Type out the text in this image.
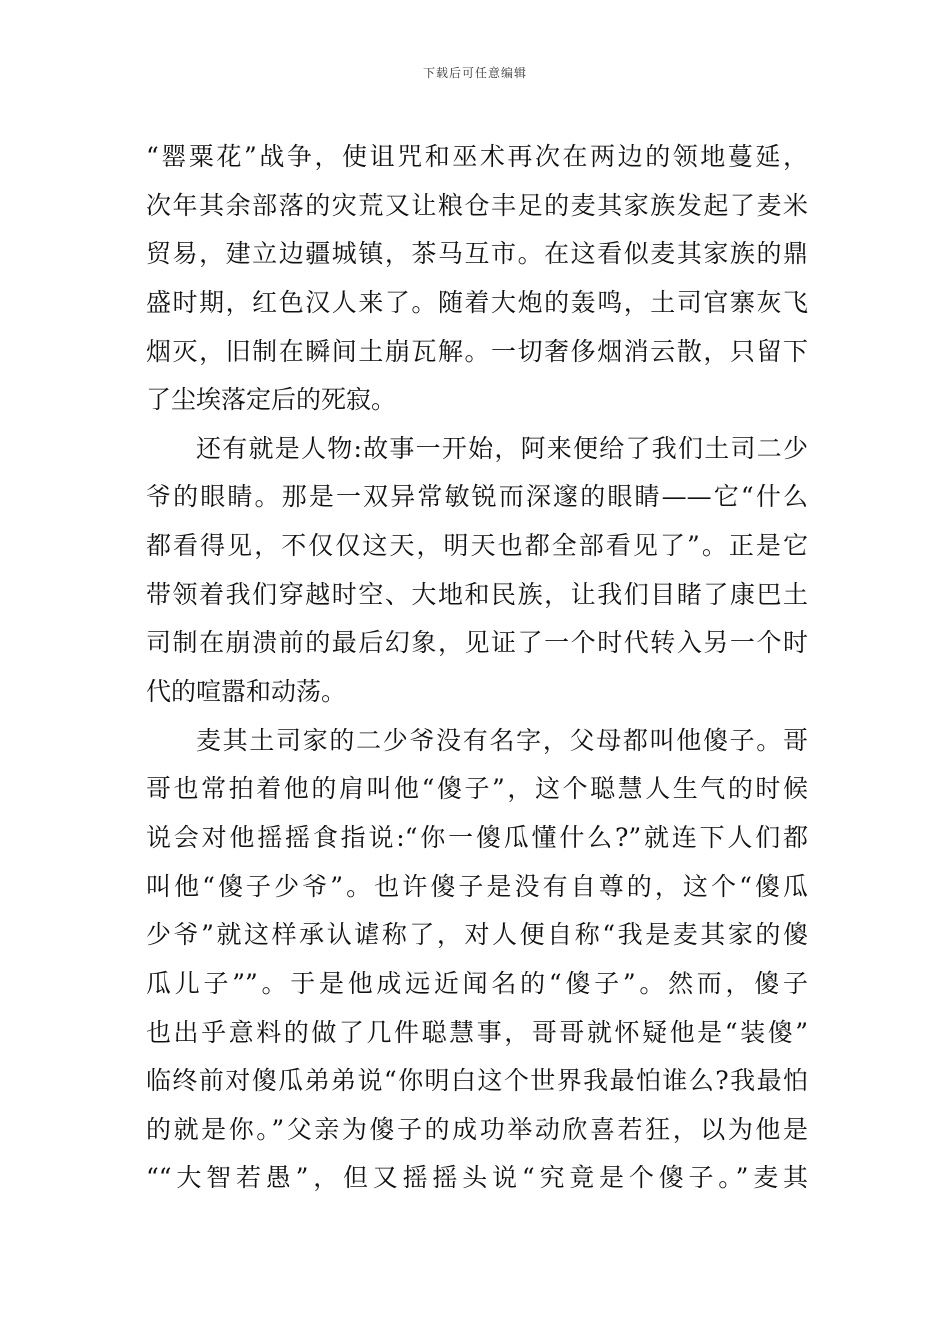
下载后可任意编辑
“罂粟花”战争，使诅咒和巫术再次在两边的领地蔓延，
次年其余部落的灾荒又让粮仓丰足的麦其家族发起了麦米
贸易，建立边疆城镇，茶马互市。在这看似麦其家族的鼎
盛时期，红色汉人来了。随着大炮的轰鸣，土司官寨灰飞
烟灭，旧制在瞬间土崩瓦解。一切奢侈烟消云散，只留下
了尘埃落定后的死寂。
还有就是人物:故事一开始，阿来便给了我们土司二少
爷的眼睛。那是一双异常敏锐而深邃的眼睛——它“什么
都看得见，不仅仅这天，明天也都全部看见了”。正是它
带领着我们穿越时空、大地和民族，让我们目睹了康巴土
司制在崩溃前的最后幻象，见证了一个时代转入另一个时
代的喧嚣和动荡。
麦其土司家的二少爷没有名字，父母都叫他傻子。哥
哥也常拍着他的肩叫他“傻子”，这个聪慧人生气的时候
说会对他摇摇食指说:“你一傻瓜懂什么?”就连下人们都
叫他“傻子少爷”。也许傻子是没有自尊的，这个“傻瓜
少爷”就这样承认谑称了，对人便自称“我是麦其家的傻
瓜儿子””。于是他成远近闻名的“傻子”。然而，傻子
也出乎意料的做了几件聪慧事，哥哥就怀疑他是“装傻”
临终前对傻瓜弟弟说“你明白这个世界我最怕谁么?我最怕
的就是你。”父亲为傻子的成功举动欣喜若狂，以为他是
““大智若愚”，但又摇摇头说“究竟是个傻子。”麦其
